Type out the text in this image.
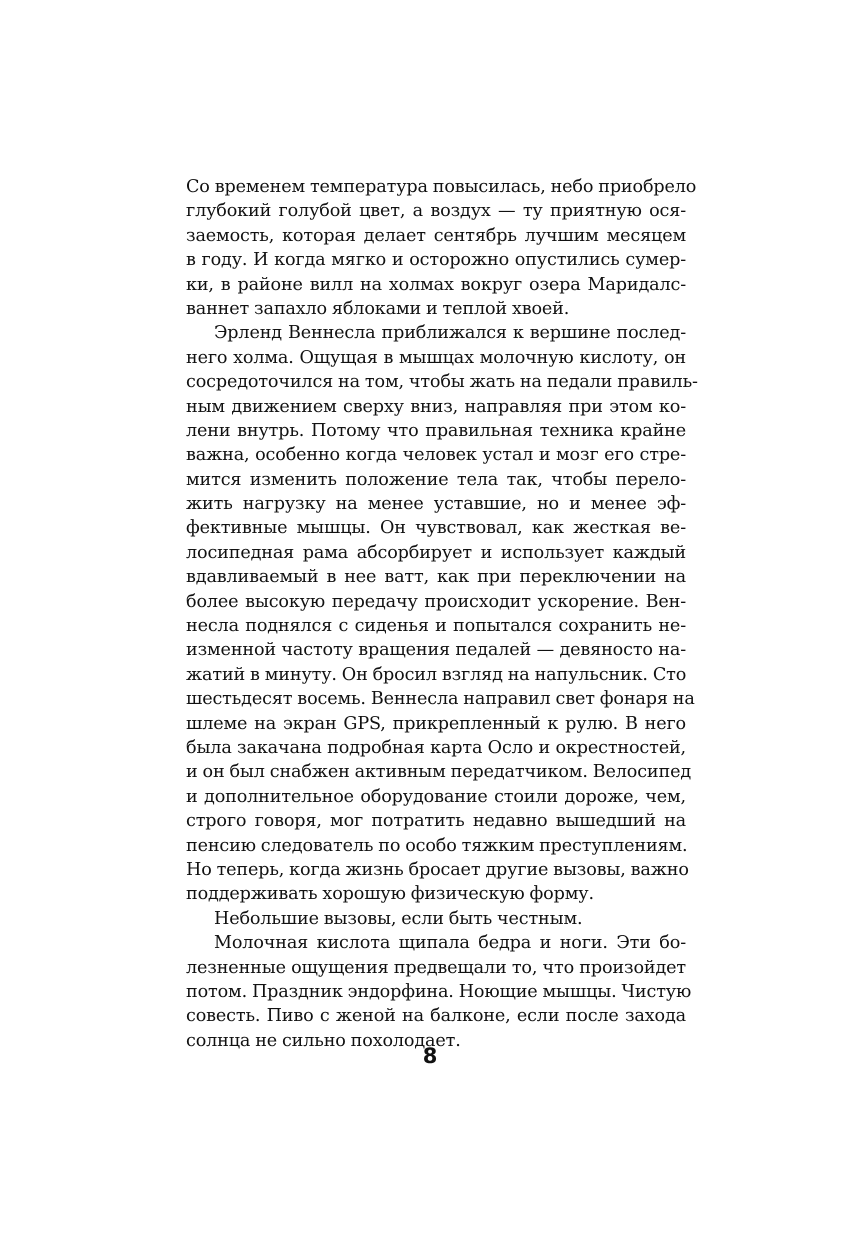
Со временем температура повысилась, небо приобрело
глубокий голубой цвет, а воздух — ту приятную ося-
заемость, которая делает сентябрь лучшим месяцем
в году. И когда мягко и осторожно опустились сумер-
ки, в районе вилл на холмах вокруг озера Маридалс-
ваннет запахло яблоками и теплой хвоей.
Эрленд Веннесла приближался к вершине послед-
него холма. Ощущая в мышцах молочную кислоту, он
сосредоточился на том, чтобы жать на педали правиль-
ным движением сверху вниз, направляя при этом ко-
лени внутрь. Потому что правильная техника крайне
важна, особенно когда человек устал и мозг его стре-
мится изменить положение тела так, чтобы перело-
жить нагрузку на менее уставшие, но и менее эф-
фективные мышцы. Он чувствовал, как жесткая ве-
лосипедная рама абсорбирует и использует каждый
вдавливаемый в нее ватт, как при переключении на
более высокую передачу происходит ускорение. Вен-
несла поднялся с сиденья и попытался сохранить не-
изменной частоту вращения педалей — девяносто на-
жатий в минуту. Он бросил взгляд на напульсник. Сто
шестьдесят восемь. Веннесла направил свет фонаря на
шлеме на экран GPS, прикрепленный к рулю. В него
была закачана подробная карта Осло и окрестностей,
и он был снабжен активным передатчиком. Велосипед
и дополнительное оборудование стоили дороже, чем,
строго говоря, мог потратить недавно вышедший на
пенсию следователь по особо тяжким преступлениям.
Но теперь, когда жизнь бросает другие вызовы, важно
поддерживать хорошую физическую форму.
Небольшие вызовы, если быть честным.
Молочная кислота щипала бедра и ноги. Эти бо-
лезненные ощущения предвещали то, что произойдет
потом. Праздник эндорфина. Ноющие мышцы. Чистую
совесть. Пиво с женой на балконе, если после захода
солнца не сильно похолодает.
8
